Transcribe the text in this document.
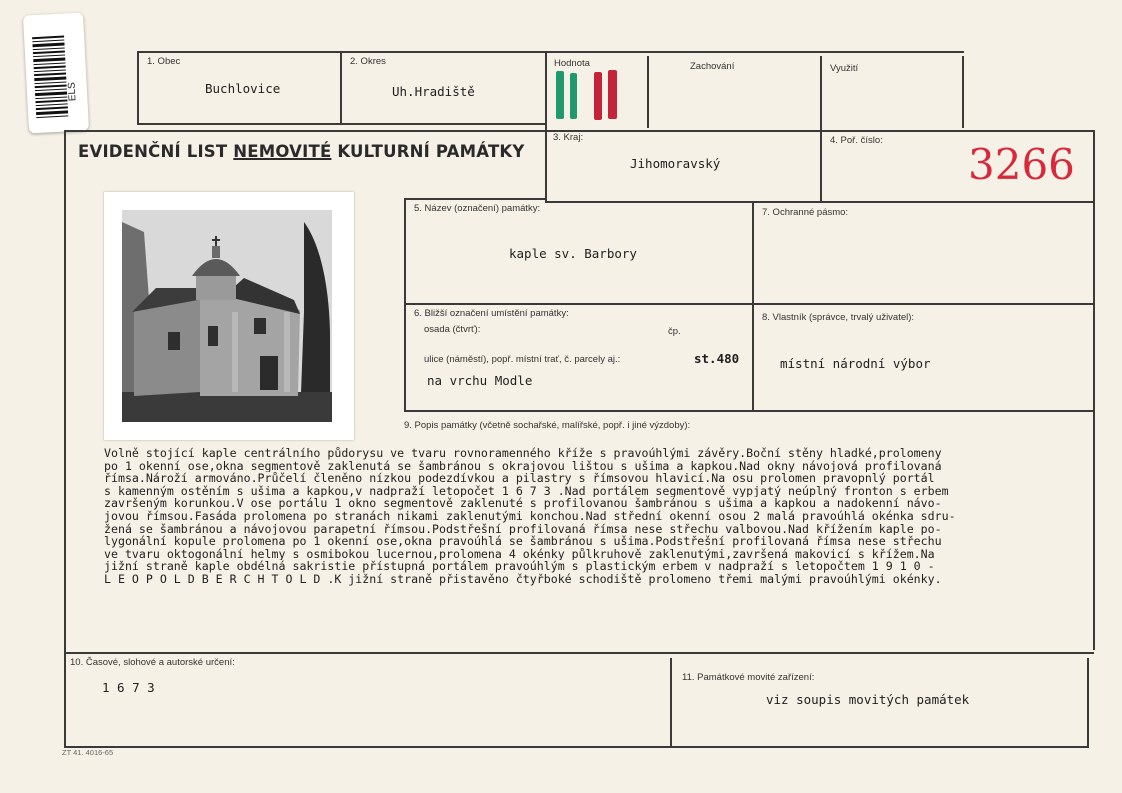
ELS
1. Obec
Buchlovice
2. Okres
Uh.Hradiště
Hodnota	Zachování	Využití
EVIDENČNÍ LIST NEMOVITÉ KULTURNÍ PAMÁTKY
3. Kraj:
Jihomoravský
4. Poř. číslo: 3266
5. Název (označení) památky:
kaple sv. Barbory
7. Ochranné pásmo:
6. Bližší označení umístění památky:
osada (čtvrť):	čp.
ulice (náměstí), popř. místní trať, č. parcely aj.:	st.480
na vrchu Modle
8. Vlastník (správce, trvalý uživatel):
místní národní výbor
9. Popis památky (včetně sochařské, malířské, popř. i jiné výzdoby):
Volně stojící kaple centrálního půdorysu ve tvaru rovnoramenného kříže s pravoúhlými závěry.Boční stěny hladké,prolomeny
po 1 okenní ose,okna segmentově zaklenutá se šambránou s okrajovou lištou s ušima a kapkou.Nad okny návojová profilovaná
římsa.Nároží armováno.Průčelí členěno nízkou podezdívkou a pilastry s římsovou hlavicí.Na osu prolomen pravopnlý portál
s kamenným ostěním s ušima a kapkou,v nadpraží letopočet 1 6 7 3 .Nad portálem segmentově vypjatý neúplný fronton s erbem
završeným korunkou.V ose portálu 1 okno segmentově zaklenuté s profilovanou šambránou s ušima a kapkou a nadokenní návo-
jovou římsou.Fasáda prolomena po stranách nikami zaklenutými konchou.Nad střední okenní osou 2 malá pravoúhlá okénka sdru-
žená se šambránou a návojovou parapetní římsou.Podstřešní profilovaná římsa nese střechu valbovou.Nad křížením kaple po-
lygonální kopule prolomena po 1 okenní ose,okna pravoúhlá se šambránou s ušima.Podstřešní profilovaná římsa nese střechu
ve tvaru oktogonální helmy s osmibokou lucernou,prolomena 4 okénky půlkruhově zaklenutými,završená makovicí s křížem.Na
jižní straně kaple obdélná sakristie přístupná portálem pravoúhlým s plastickým erbem v nadpraží s letopočtem 1 9 1 0 -
L E O P O L D B E R C H T O L D .K jižní straně přistavěno čtyřboké schodiště prolomeno třemi malými pravoúhlými okénky.
10. Časové, slohové a autorské určení:
1 6 7 3
11. Památkové movité zařízení:
viz soupis movitých památek
ZT 41. 4016-65
